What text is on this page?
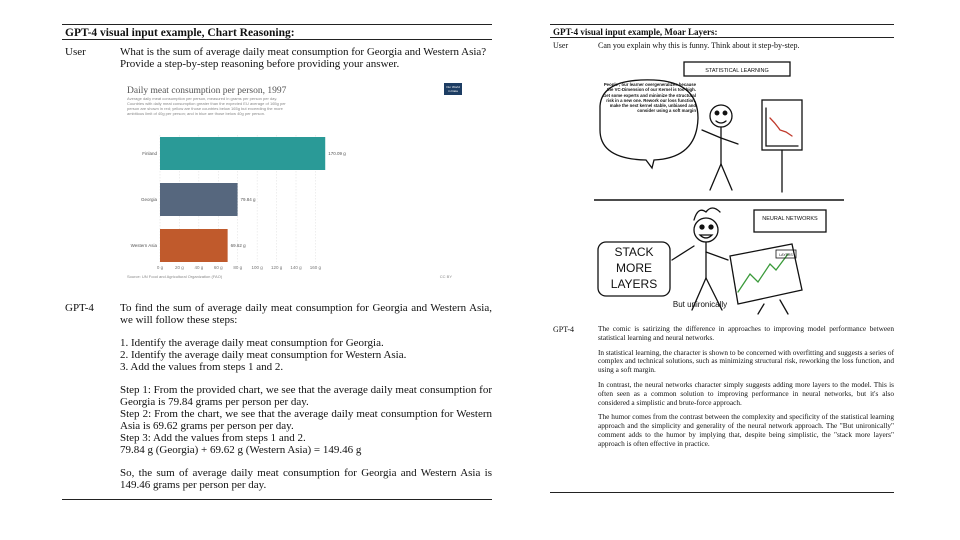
GPT-4 visual input example, Chart Reasoning:
User	What is the sum of average daily meat consumption for Georgia and Western Asia?
Provide a step-by-step reasoning before providing your answer.
Daily meat consumption per person, 1997
Average daily meat consumption per person, measured in grams per person per day.
Countries with daily meat consumption greater than the expected EU average of 165g per
person are shown in red; yellow are those countries below 165g but exceeding the more
ambitious limit of 40g per person; and in blue are those below 40g per person.
Our World
in Data
Finland	170.09 g
Georgia	79.84 g
Western Asia	69.62 g
0 g	20 g 40 g 60 g 80 g 100 g 120 g 140 g 160 g
Source: UN Food and Agricultural Organization (FAO)	CC BY
GPT-4 To find the sum of average daily meat consumption for Georgia and Western Asia, we will follow these steps:

1. Identify the average daily meat consumption for Georgia.
2. Identify the average daily meat consumption for Western Asia.
3. Add the values from steps 1 and 2.

Step 1: From the provided chart, we see that the average daily meat consumption for Georgia is 79.84 grams per person per day.

Step 2: From the chart, we see that the average daily meat consumption for Western Asia is 69.62 grams per person per day.

Step 3: Add the values from steps 1 and 2.

79.84 g (Georgia) + 69.62 g (Western Asia) = 149.46 g

So, the sum of average daily meat consumption for Georgia and Western Asia is 149.46 grams per person per day.

GPT-4 visual input example, Moar Layers:
User	Can you explain why this is funny. Think about it step-by-step.
STATISTICAL LEARNING
People , our learner overgeneralizes because the VC-Dimension of our Kernel is too high. Get some experts and minimize the structural risk in a new one. Rework our loss function, make the next kernel stable, unbiased and consider using a soft margin
STACK
MORE
LAYERS
NEURAL NETWORKS
LAYERS
But unironically
GPT-4	The comic is satirizing the difference in approaches to improving model performance between statistical learning and neural networks.

In statistical learning, the character is shown to be concerned with overfitting and suggests a series of complex and technical solutions, such as minimizing structural risk, reworking the loss function, and using a soft margin.

In contrast, the neural networks character simply suggests adding more layers to the model. This is often seen as a common solution to improving performance in neural networks, but it's also considered a simplistic and brute-force approach.

The humor comes from the contrast between the complexity and specificity of the statistical learning approach and the simplicity and generality of the neural network approach. The "But unironically" comment adds to the humor by implying that, despite being simplistic, the "stack more layers" approach is often effective in practice.
